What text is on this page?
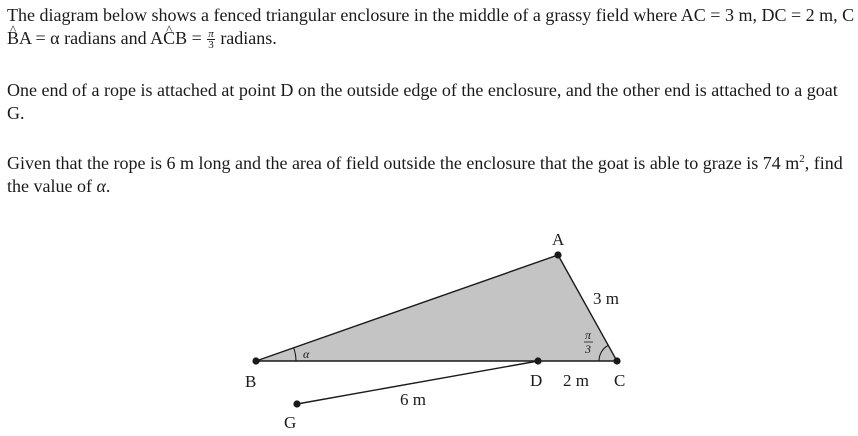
The diagram below shows a fenced triangular enclosure in the middle of a grassy field where AC = 3 m, DC = 2 m, CB ^A = α radians and AC ^B = $\frac{\pi}{3}$ radians.

One end of a rope is attached at point D on the outside edge of the enclosure, and the other end is attached to a goat G.

Given that the rope is 6 m long and the area of field outside the enclosure that the goat is able to graze is 74 $m^2$, find the value of α.

A
B	C
D
G
3 m
2 m
6 m
α
π
3
